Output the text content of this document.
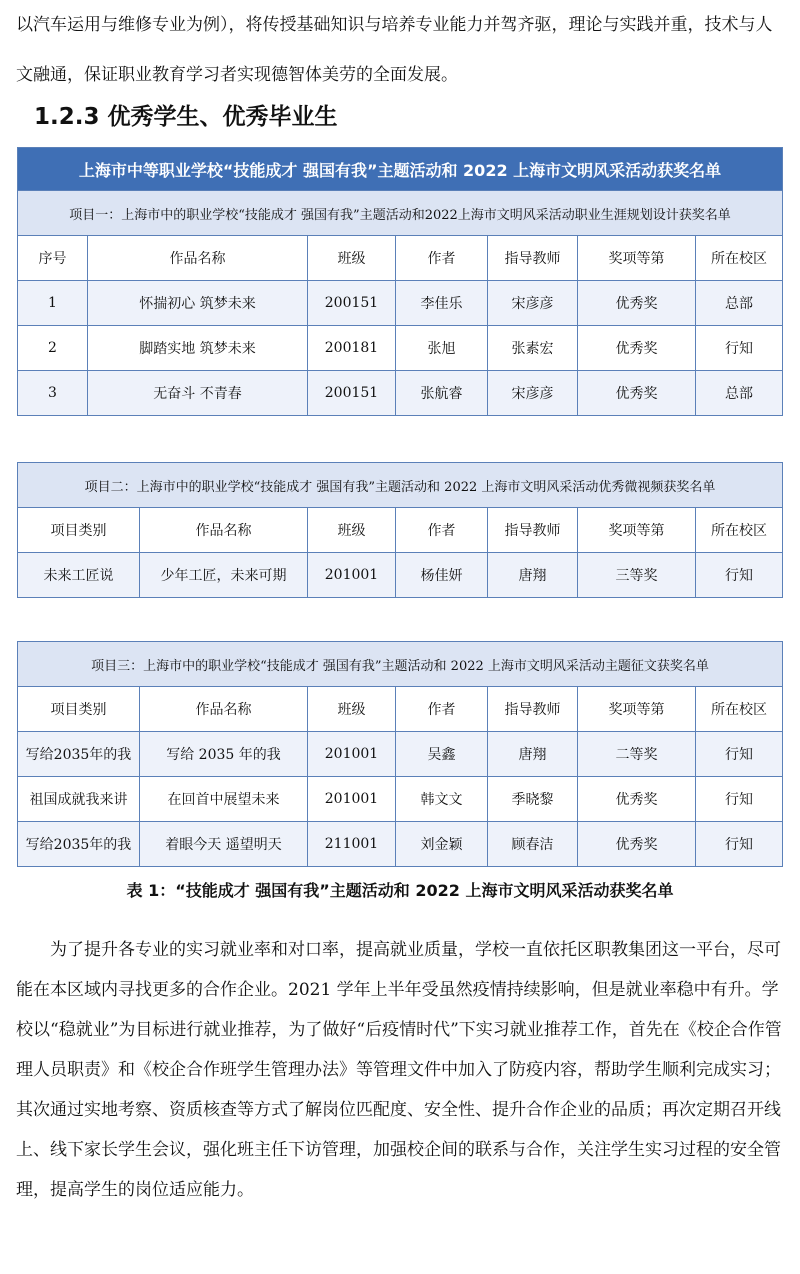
以汽车运用与维修专业为例），将传授基础知识与培养专业能力并驾齐驱，理论与实践并重，技术与人文融通，保证职业教育学习者实现德智体美劳的全面发展。

1.2.3 优秀学生、优秀毕业生
上海市中等职业学校“技能成才 强国有我”主题活动和 2022 上海市文明风采活动获奖名单						
项目一：上海市中的职业学校“技能成才 强国有我”主题活动和2022上海市文明风采活动职业生涯规划设计获奖名单						
序号	作品名称	班级	作者	指导教师	奖项等第	所在校区
1	怀揣初心 筑梦未来	200151	李佳乐	宋彦彦	优秀奖	总部
2	脚踏实地 筑梦未来	200181	张旭	张素宏	优秀奖	行知
3	无奋斗 不青春	200151	张航睿	宋彦彦	优秀奖	总部
项目二：上海市中的职业学校“技能成才 强国有我”主题活动和 2022 上海市文明风采活动优秀微视频获奖名单						
项目类别	作品名称	班级	作者	指导教师	奖项等第	所在校区
未来工匠说	少年工匠，未来可期	201001	杨佳妍	唐翔	三等奖	行知
项目三：上海市中的职业学校“技能成才 强国有我”主题活动和 2022 上海市文明风采活动主题征文获奖名单						
项目类别	作品名称	班级	作者	指导教师	奖项等第	所在校区
写给2035年的我	写给 2035 年的我	201001	吴鑫	唐翔	二等奖	行知
祖国成就我来讲	在回首中展望未来	201001	韩文文	季晓黎	优秀奖	行知
写给2035年的我	着眼今天 遥望明天	211001	刘金颖	顾春洁	优秀奖	行知

表 1：“技能成才 强国有我”主题活动和 2022 上海市文明风采活动获奖名单

为了提升各专业的实习就业率和对口率，提高就业质量，学校一直依托区职教集团这一平台，尽可能在本区域内寻找更多的合作企业。2021 学年上半年受虽然疫情持续影响，但是就业率稳中有升。学校以“稳就业”为目标进行就业推荐，为了做好“后疫情时代”下实习就业推荐工作，首先在《校企合作管理人员职责》和《校企合作班学生管理办法》等管理文件中加入了防疫内容，帮助学生顺利完成实习；其次通过实地考察、资质核查等方式了解岗位匹配度、安全性、提升合作企业的品质；再次定期召开线上、线下家长学生会议，强化班主任下访管理，加强校企间的联系与合作，关注学生实习过程的安全管理，提高学生的岗位适应能力。
